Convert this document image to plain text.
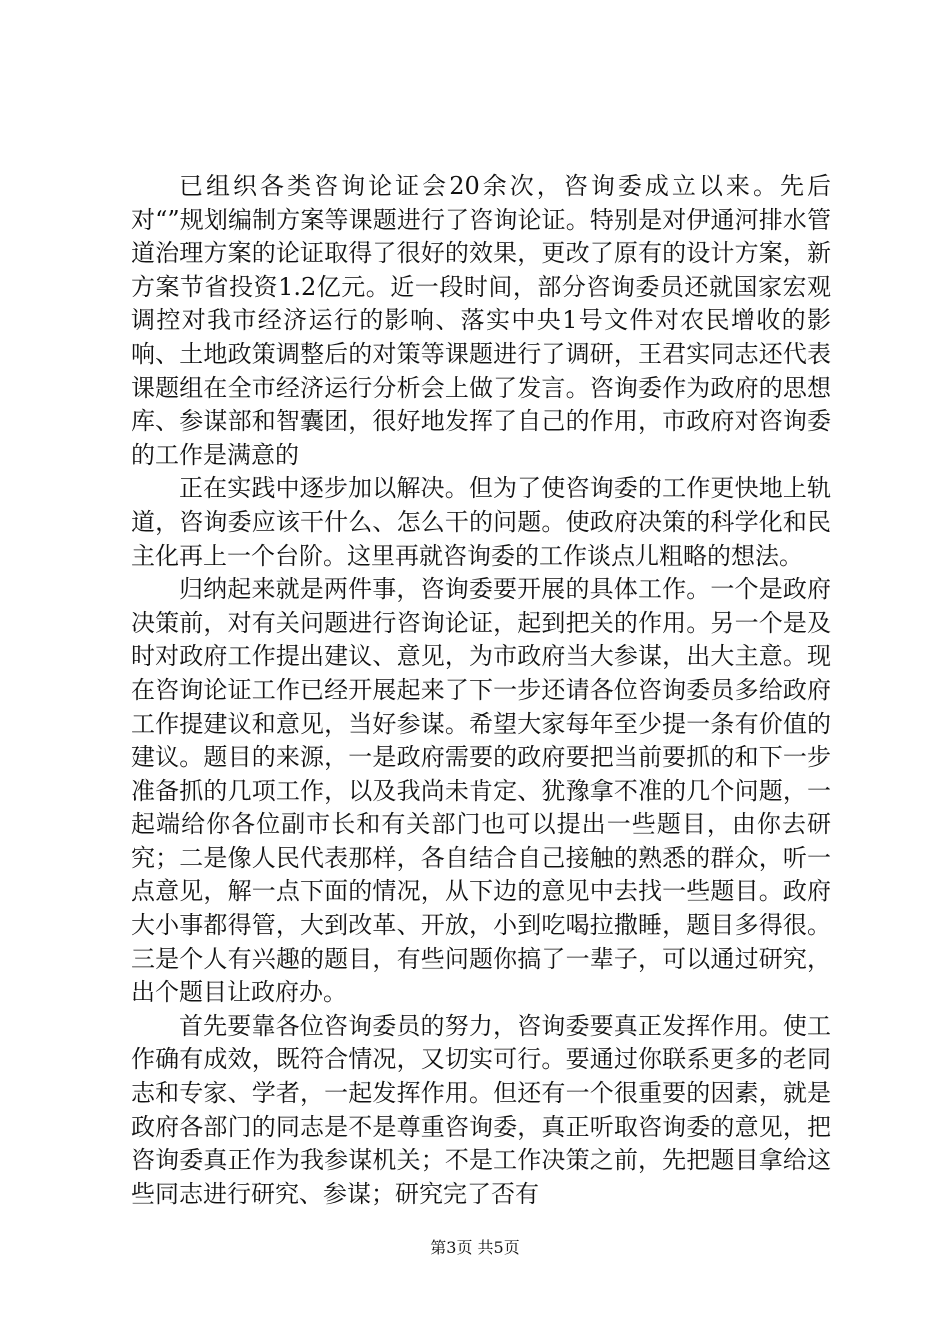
已组织各类咨询论证会20余次，咨询委成立以来。先后对“”规划编制方案等课题进行了咨询论证。特别是对伊通河排水管道治理方案的论证取得了很好的效果，更改了原有的设计方案，新方案节省投资1.2亿元。近一段时间，部分咨询委员还就国家宏观调控对我市经济运行的影响、落实中央1号文件对农民增收的影响、土地政策调整后的对策等课题进行了调研，王君实同志还代表课题组在全市经济运行分析会上做了发言。咨询委作为政府的思想库、参谋部和智囊团，很好地发挥了自己的作用，市政府对咨询委的工作是满意的

正在实践中逐步加以解决。但为了使咨询委的工作更快地上轨道，咨询委应该干什么、怎么干的问题。使政府决策的科学化和民主化再上一个台阶。这里再就咨询委的工作谈点儿粗略的想法。

归纳起来就是两件事，咨询委要开展的具体工作。一个是政府决策前，对有关问题进行咨询论证，起到把关的作用。另一个是及时对政府工作提出建议、意见，为市政府当大参谋，出大主意。现在咨询论证工作已经开展起来了下一步还请各位咨询委员多给政府工作提建议和意见，当好参谋。希望大家每年至少提一条有价值的建议。题目的来源，一是政府需要的政府要把当前要抓的和下一步准备抓的几项工作，以及我尚未肯定、犹豫拿不准的几个问题，一起端给你各位副市长和有关部门也可以提出一些题目，由你去研究；二是像人民代表那样，各自结合自己接触的熟悉的群众，听一点意见，解一点下面的情况，从下边的意见中去找一些题目。政府大小事都得管，大到改革、开放，小到吃喝拉撒睡，题目多得很。三是个人有兴趣的题目，有些问题你搞了一辈子，可以通过研究，出个题目让政府办。

首先要靠各位咨询委员的努力，咨询委要真正发挥作用。使工作确有成效，既符合情况，又切实可行。要通过你联系更多的老同志和专家、学者，一起发挥作用。但还有一个很重要的因素，就是政府各部门的同志是不是尊重咨询委，真正听取咨询委的意见，把咨询委真正作为我参谋机关；不是工作决策之前，先把题目拿给这些同志进行研究、参谋；研究完了否有

第3页 共5页
